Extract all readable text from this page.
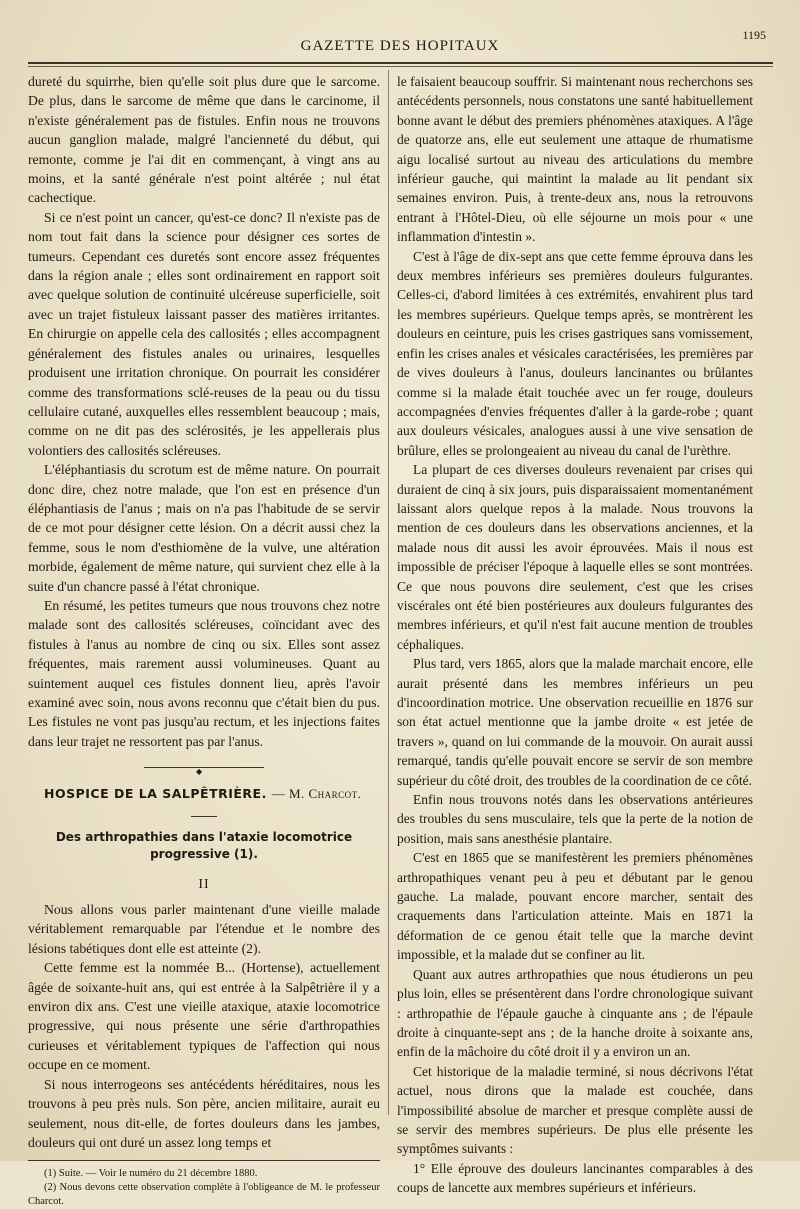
GAZETTE DES HOPITAUX
1195

dureté du squirrhe, bien qu'elle soit plus dure que le sarcome. De plus, dans le sarcome de même que dans le carcinome, il n'existe généralement pas de fistules. Enfin nous ne trouvons aucun ganglion malade, malgré l'ancienneté du début, qui remonte, comme je l'ai dit en commençant, à vingt ans au moins, et la santé générale n'est point altérée ; nul état cachectique.

Si ce n'est point un cancer, qu'est-ce donc? Il n'existe pas de nom tout fait dans la science pour désigner ces sortes de tumeurs. Cependant ces duretés sont encore assez fréquentes dans la région anale ; elles sont ordinairement en rapport soit avec quelque solution de continuité ulcéreuse superficielle, soit avec un trajet fistuleux laissant passer des matières irritantes. En chirurgie on appelle cela des callosités ; elles accompagnent généralement des fistules anales ou urinaires, lesquelles produisent une irritation chronique. On pourrait les considérer comme des transformations sclé-reuses de la peau ou du tissu cellulaire cutané, auxquelles elles ressemblent beaucoup ; mais, comme on ne dit pas des sclérosités, je les appellerais plus volontiers des callosités scléreuses.

L'éléphantiasis du scrotum est de même nature. On pourrait donc dire, chez notre malade, que l'on est en présence d'un éléphantiasis de l'anus ; mais on n'a pas l'habitude de se servir de ce mot pour désigner cette lésion. On a décrit aussi chez la femme, sous le nom d'esthiomène de la vulve, une altération morbide, également de même nature, qui survient chez elle à la suite d'un chancre passé à l'état chronique.

En résumé, les petites tumeurs que nous trouvons chez notre malade sont des callosités scléreuses, coïncidant avec des fistules à l'anus au nombre de cinq ou six. Elles sont assez fréquentes, mais rarement aussi volumineuses. Quant au suintement auquel ces fistules donnent lieu, après l'avoir examiné avec soin, nous avons reconnu que c'était bien du pus. Les fistules ne vont pas jusqu'au rectum, et les injections faites dans leur trajet ne ressortent pas par l'anus.

◆

HOSPICE DE LA SALPÊTRIÈRE. — M. Charcot.

Des arthropathies dans l'ataxie locomotrice progressive (1).
II

Nous allons vous parler maintenant d'une vieille malade véritablement remarquable par l'étendue et le nombre des lésions tabétiques dont elle est atteinte (2).

Cette femme est la nommée B... (Hortense), actuellement âgée de soixante-huit ans, qui est entrée à la Salpêtrière il y a environ dix ans. C'est une vieille ataxique, ataxie locomotrice progressive, qui nous présente une série d'arthropathies curieuses et véritablement typiques de l'affection qui nous occupe en ce moment.

Si nous interrogeons ses antécédents héréditaires, nous les trouvons à peu près nuls. Son père, ancien militaire, aurait eu seulement, nous dit-elle, de fortes douleurs dans les jambes, douleurs qui ont duré un assez long temps et

(1) Suite. — Voir le numéro du 21 décembre 1880.

(2) Nous devons cette observation complète à l'obligeance de M. le professeur Charcot.

le faisaient beaucoup souffrir. Si maintenant nous recherchons ses antécédents personnels, nous constatons une santé habituellement bonne avant le début des premiers phénomènes ataxiques. A l'âge de quatorze ans, elle eut seulement une attaque de rhumatisme aigu localisé surtout au niveau des articulations du membre inférieur gauche, qui maintint la malade au lit pendant six semaines environ. Puis, à trente-deux ans, nous la retrouvons entrant à l'Hôtel-Dieu, où elle séjourne un mois pour « une inflammation d'intestin ».

C'est à l'âge de dix-sept ans que cette femme éprouva dans les deux membres inférieurs ses premières douleurs fulgurantes. Celles-ci, d'abord limitées à ces extrémités, envahirent plus tard les membres supérieurs. Quelque temps après, se montrèrent les douleurs en ceinture, puis les crises gastriques sans vomissement, enfin les crises anales et vésicales caractérisées, les premières par de vives douleurs à l'anus, douleurs lancinantes ou brûlantes comme si la malade était touchée avec un fer rouge, douleurs accompagnées d'envies fréquentes d'aller à la garde-robe ; quant aux douleurs vésicales, analogues aussi à une vive sensation de brûlure, elles se prolongeaient au niveau du canal de l'urèthre.

La plupart de ces diverses douleurs revenaient par crises qui duraient de cinq à six jours, puis disparaissaient momentanément laissant alors quelque repos à la malade. Nous trouvons la mention de ces douleurs dans les observations anciennes, et la malade nous dit aussi les avoir éprouvées. Mais il nous est impossible de préciser l'époque à laquelle elles se sont montrées. Ce que nous pouvons dire seulement, c'est que les crises viscérales ont été bien postérieures aux douleurs fulgurantes des membres inférieurs, et qu'il n'est fait aucune mention de troubles céphaliques.

Plus tard, vers 1865, alors que la malade marchait encore, elle aurait présenté dans les membres inférieurs un peu d'incoordination motrice. Une observation recueillie en 1876 sur son état actuel mentionne que la jambe droite « est jetée de travers », quand on lui commande de la mouvoir. On aurait aussi remarqué, tandis qu'elle pouvait encore se servir de son membre supérieur du côté droit, des troubles de la coordination de ce côté.

Enfin nous trouvons notés dans les observations antérieures des troubles du sens musculaire, tels que la perte de la notion de position, mais sans anesthésie plantaire.

C'est en 1865 que se manifestèrent les premiers phénomènes arthropathiques venant peu à peu et débutant par le genou gauche. La malade, pouvant encore marcher, sentait des craquements dans l'articulation atteinte. Mais en 1871 la déformation de ce genou était telle que la marche devint impossible, et la malade dut se confiner au lit.

Quant aux autres arthropathies que nous étudierons un peu plus loin, elles se présentèrent dans l'ordre chronologique suivant : arthropathie de l'épaule gauche à cinquante ans ; de l'épaule droite à cinquante-sept ans ; de la hanche droite à soixante ans, enfin de la mâchoire du côté droit il y a environ un an.

Cet historique de la maladie terminé, si nous décrivons l'état actuel, nous dirons que la malade est couchée, dans l'impossibilité absolue de marcher et presque complète aussi de se servir des membres supérieurs. De plus elle présente les symptômes suivants :

1° Elle éprouve des douleurs lancinantes comparables à des coups de lancette aux membres supérieurs et inférieurs.
